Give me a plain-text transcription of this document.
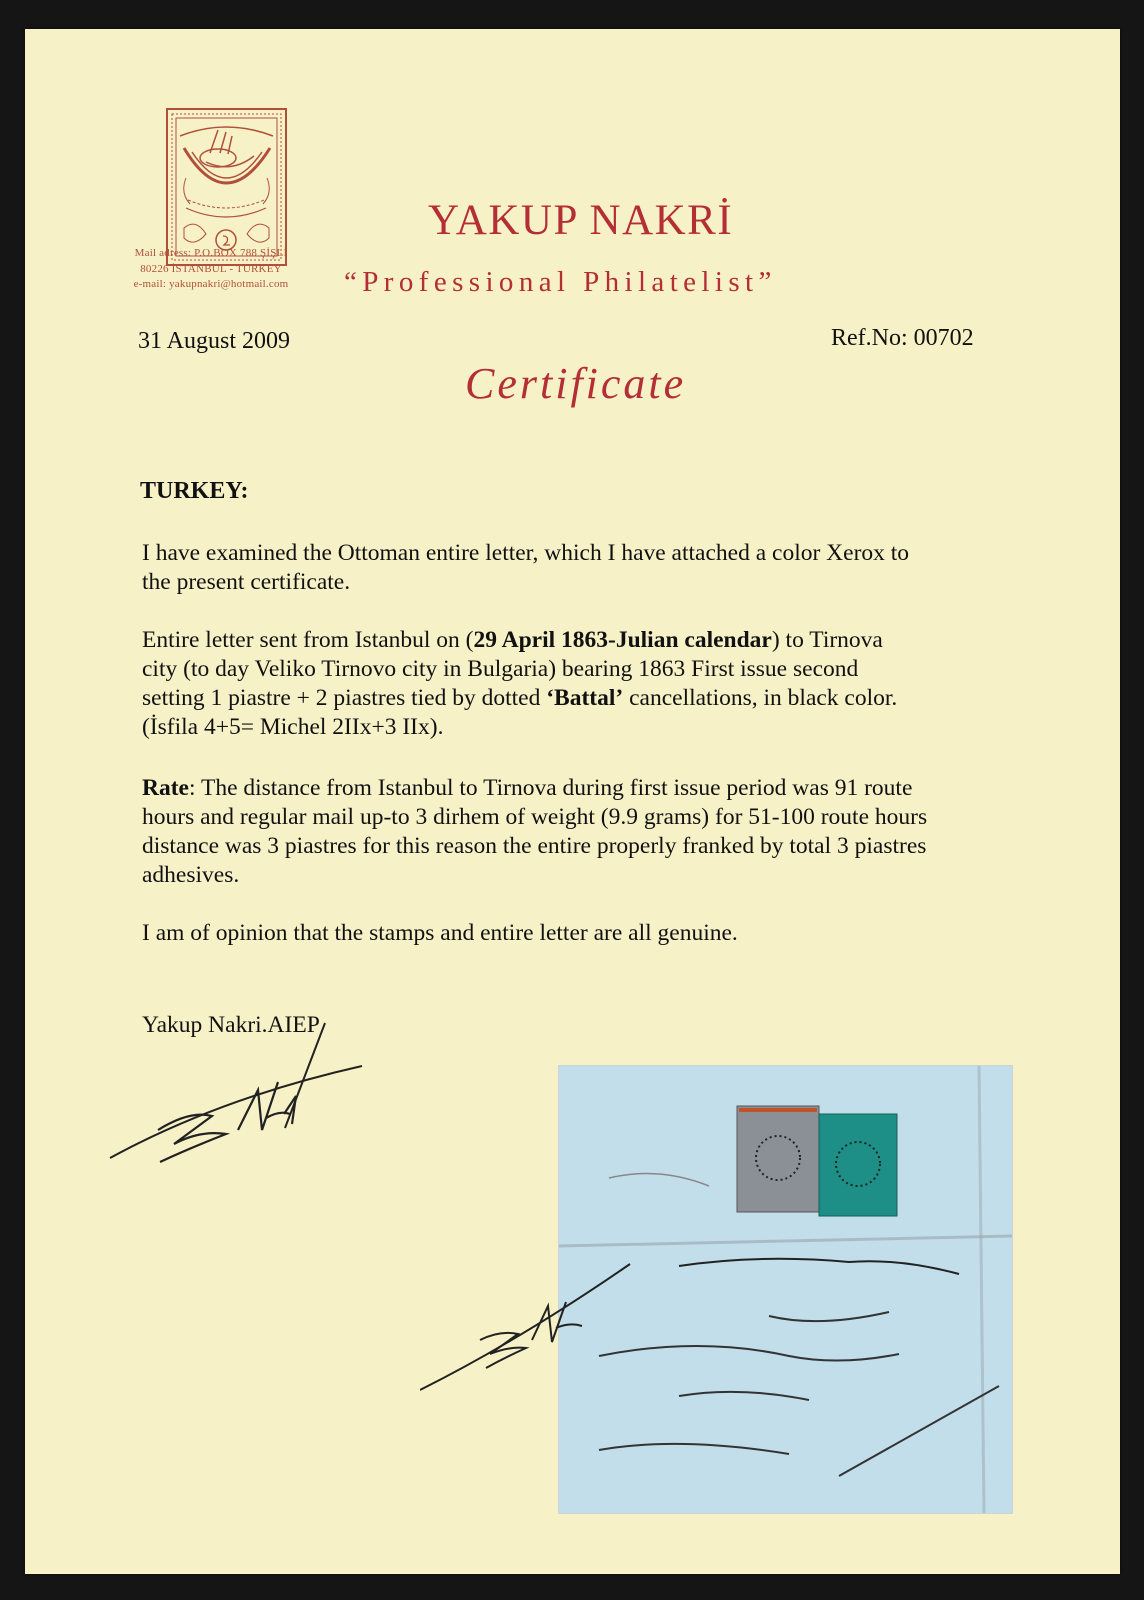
Mail adress: P.O.BOX 788 ŞİŞLİ
80226 İSTANBUL - TURKEY
e-mail: yakupnakri@hotmail.com
YAKUP NAKRİ
“Professional Philatelist”
31 August 2009	Ref.No: 00702
Certificate
TURKEY:

I have examined the Ottoman entire letter, which I have attached a color Xerox to
the present certificate.

Entire letter sent from Istanbul on (29 April 1863-Julian calendar) to Tirnova
city (to day Veliko Tirnovo city in Bulgaria) bearing 1863 First issue second
setting 1 piastre + 2 piastres tied by dotted ‘Battal’ cancellations, in black color.
(İsfila 4+5= Michel 2IIx+3 IIx).

Rate: The distance from Istanbul to Tirnova during first issue period was 91 route
hours and regular mail up-to 3 dirhem of weight (9.9 grams) for 51-100 route hours
distance was 3 piastres for this reason the entire properly franked by total 3 piastres
adhesives.

I am of opinion that the stamps and entire letter are all genuine.

Yakup Nakri.AIEP
